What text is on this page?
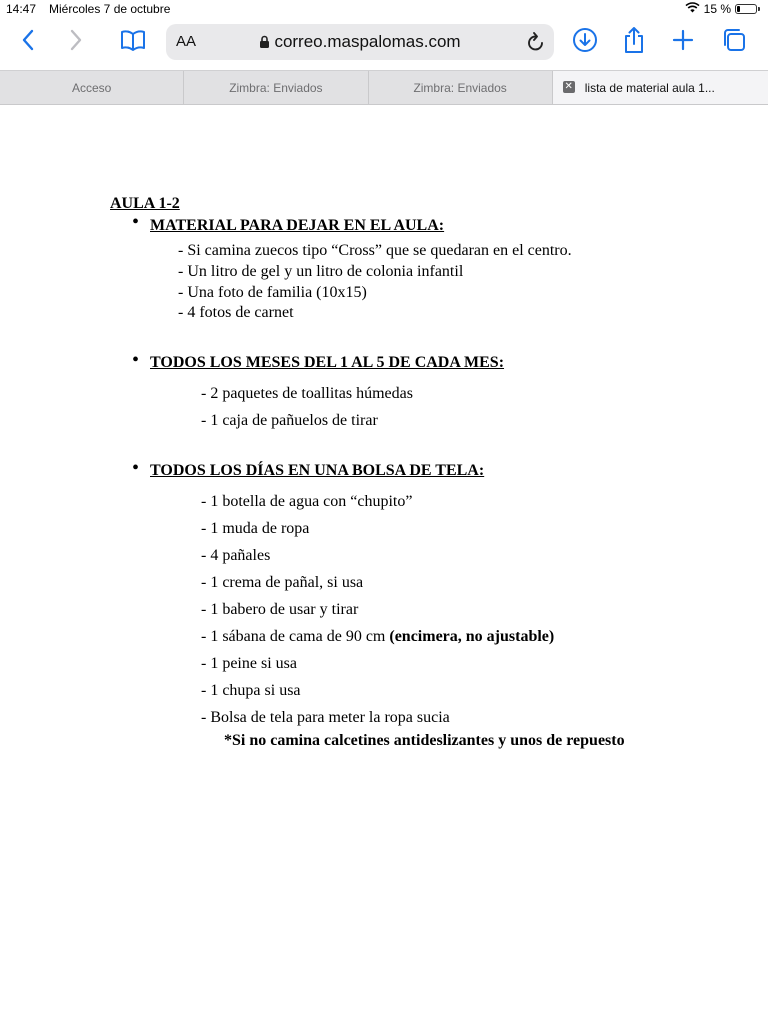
14:47 Miércoles 7 de octubre	15 %
AA	correo.maspalomas.com
Acceso	Zimbra: Enviados	Zimbra: Enviados	✕ lista de material aula 1...
AULA 1-2
• MATERIAL PARA DEJAR EN EL AULA:
- Si camina zuecos tipo “Cross” que se quedaran en el centro.
- Un litro de gel y un litro de colonia infantil
- Una foto de familia (10x15)
- 4 fotos de carnet
• TODOS LOS MESES DEL 1 AL 5 DE CADA MES:
- 2 paquetes de toallitas húmedas
- 1 caja de pañuelos de tirar
• TODOS LOS DÍAS EN UNA BOLSA DE TELA:
- 1 botella de agua con “chupito”
- 1 muda de ropa
- 4 pañales
- 1 crema de pañal, si usa
- 1 babero de usar y tirar
- 1 sábana de cama de 90 cm (encimera, no ajustable)
- 1 peine si usa
- 1 chupa si usa
- Bolsa de tela para meter la ropa sucia
*Si no camina calcetines antideslizantes y unos de repuesto
